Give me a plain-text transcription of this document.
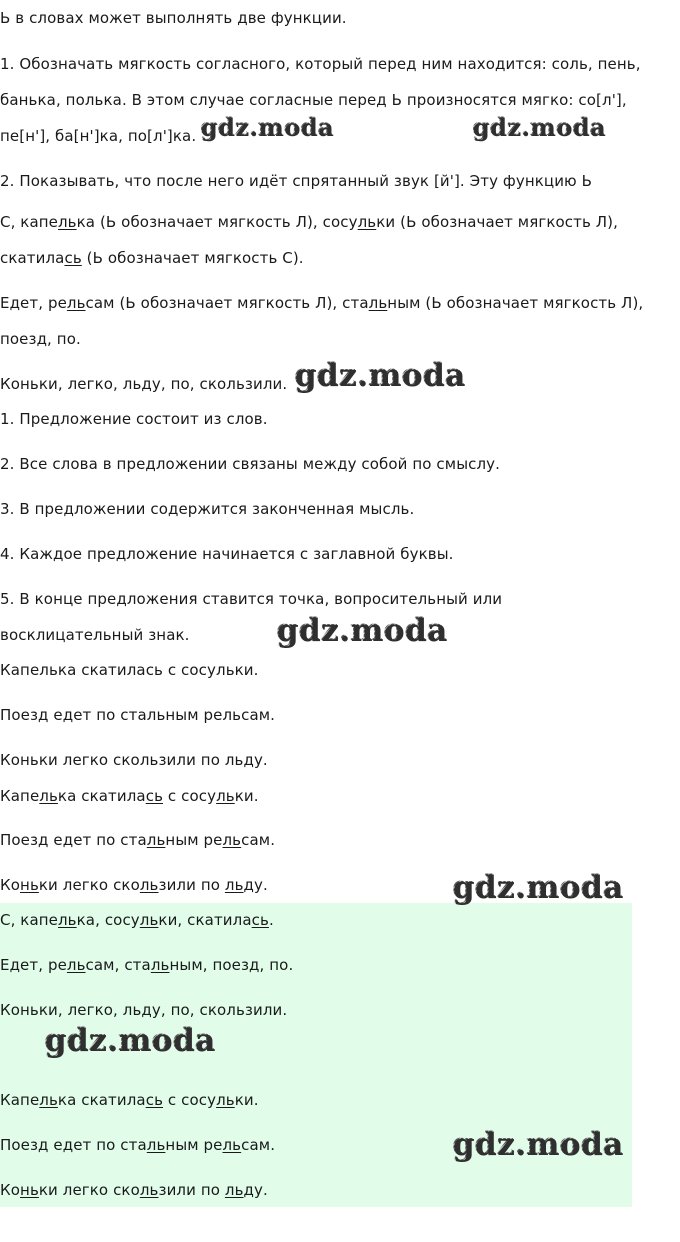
Ь в словах может выполнять две функции.
1. Обозначать мягкость согласного, который перед ним находится: соль, пень,
банька, полька. В этом случае согласные перед Ь произносятся мягко: со[л'],
пе[н'], ба[н']ка, по[л']ка.
2. Показывать, что после него идёт спрятанный звук [й']. Эту функцию Ь
С, капелька (Ь обозначает мягкость Л), сосульки (Ь обозначает мягкость Л),
скатилась (Ь обозначает мягкость С).
Едет, рельсам (Ь обозначает мягкость Л), стальным (Ь обозначает мягкость Л),
поезд, по.
Коньки, легко, льду, по, скользили.
1. Предложение состоит из слов.
2. Все слова в предложении связаны между собой по смыслу.
3. В предложении содержится законченная мысль.
4. Каждое предложение начинается с заглавной буквы.
5. В конце предложения ставится точка, вопросительный или
восклицательный знак.
Капелька скатилась с сосульки.
Поезд едет по стальным рельсам.
Коньки легко скользили по льду.
Капелька скатилась с сосульки.
Поезд едет по стальным рельсам.
Коньки легко скользили по льду.
С, капелька, сосульки, скатилась.
Едет, рельсам, стальным, поезд, по.
Коньки, легко, льду, по, скользили.
Капелька скатилась с сосульки.
Поезд едет по стальным рельсам.
Коньки легко скользили по льду.
gdz.moda	gdz.moda
gdz.moda
gdz.moda
gdz.moda
gdz.moda
gdz.moda
